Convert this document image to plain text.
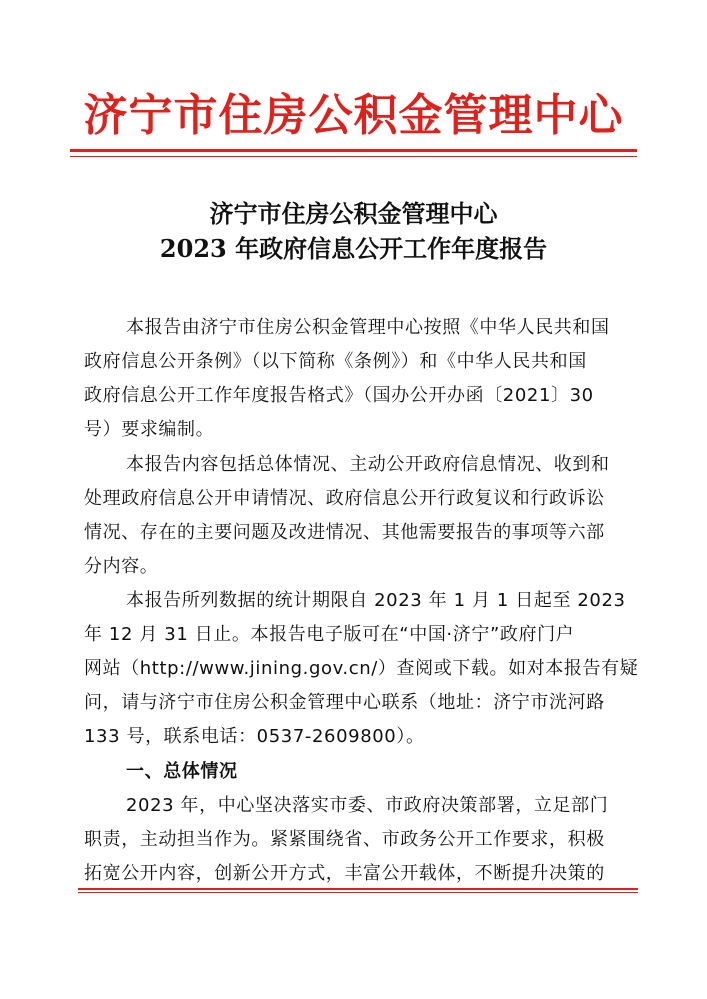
济宁市住房公积金管理中心
济宁市住房公积金管理中心
2023 年政府信息公开工作年度报告
本报告由济宁市住房公积金管理中心按照《中华人民共和国
政府信息公开条例》（以下简称《条例》）和《中华人民共和国
政府信息公开工作年度报告格式》（国办公开办函〔2021〕30
号）要求编制。
本报告内容包括总体情况、主动公开政府信息情况、收到和
处理政府信息公开申请情况、政府信息公开行政复议和行政诉讼
情况、存在的主要问题及改进情况、其他需要报告的事项等六部
分内容。
本报告所列数据的统计期限自 2023 年 1 月 1 日起至 2023
年 12 月 31 日止。本报告电子版可在“中国·济宁”政府门户
网站（http://www.jining.gov.cn/）查阅或下载。如对本报告有疑
问，请与济宁市住房公积金管理中心联系（地址：济宁市洸河路
133 号，联系电话：0537-2609800）。
一、总体情况
2023 年，中心坚决落实市委、市政府决策部署，立足部门
职责，主动担当作为。紧紧围绕省、市政务公开工作要求，积极
拓宽公开内容，创新公开方式，丰富公开载体，不断提升决策的
